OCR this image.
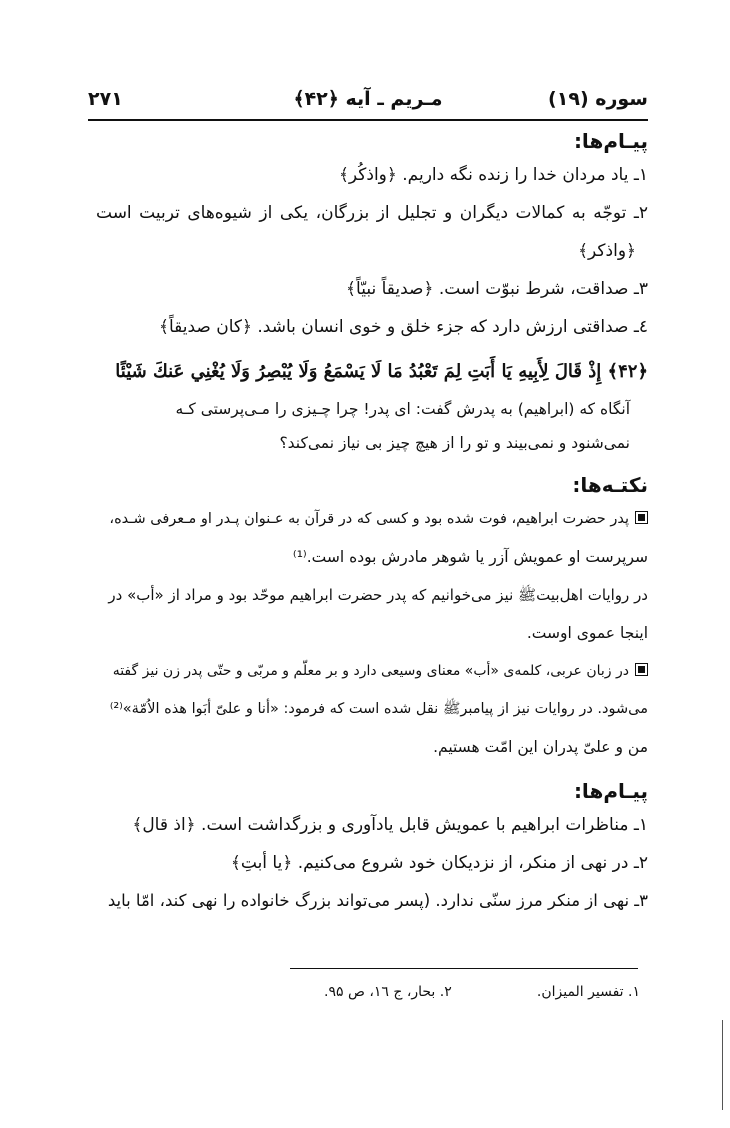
سوره (۱۹)
مـریم ـ آیه ﴿۴۲﴾
۲۷۱
پیـام‌ها:
۱ـ یاد مردان خدا را زنده نگه داریم. ﴿واذکُر﴾
۲ـ توجّه به کمالات دیگران و تجلیل از بزرگان، یکی از شیوه‌های تربیت است
﴿واذکر﴾
۳ـ صداقت، شرط نبوّت است. ﴿صدیقاً نبیّاً﴾
٤ـ صداقتی ارزش دارد که جزء خلق و خوی انسان باشد. ﴿کان صدیقاً﴾
﴿۴۲﴾ إِذْ قَالَ لِأَبِيهِ يَا أَبَتِ لِمَ تَعْبُدُ مَا لَا يَسْمَعُ وَلَا يُبْصِرُ وَلَا يُغْنِي عَنكَ شَيْئًا
آنگاه که (ابراهیم) به پدرش گفت: ای پدر! چرا چـیزی را مـی‌پرستی کـه
نمی‌شنود و نمی‌بیند و تو را از هیچ چیز بی نیاز نمی‌کند؟
نکتـه‌ها:
پدر حضرت ابراهیم، فوت شده بود و کسی که در قرآن به عـنوان پـدر او مـعرفی شـده،
سرپرست او عمویش آزر یا شوهر مادرش بوده است.⁽¹⁾
در روایات اهل‌بیتﷺ نیز می‌خوانیم که پدر حضرت ابراهیم موحّد بود و مراد از «أب» در
اینجا عموی اوست.
در زبان عربی، کلمه‌ی «أب» معنای وسیعی دارد و بر معلّم و مربّی و حتّی پدر زن نیز گفته
می‌شود. در روایات نیز از پیامبرﷺ نقل شده است که فرمود: «أنا و علیّ أبَوا هذه الاُمّة»⁽²⁾
من و علیّ پدران این امّت هستیم.
پیـام‌ها:
۱ـ مناظرات ابراهیم با عمویش قابل یادآوری و بزرگداشت است. ﴿اذ قال﴾
۲ـ در نهی از منکر، از نزدیکان خود شروع می‌کنیم. ﴿یا أبتِ﴾
۳ـ نهی از منکر مرز سنّی ندارد. (پسر می‌تواند بزرگ خانواده را نهی کند، امّا باید
۱. تفسیر المیزان.
۲. بحار، ج ۱٦، ص ۹۵.
